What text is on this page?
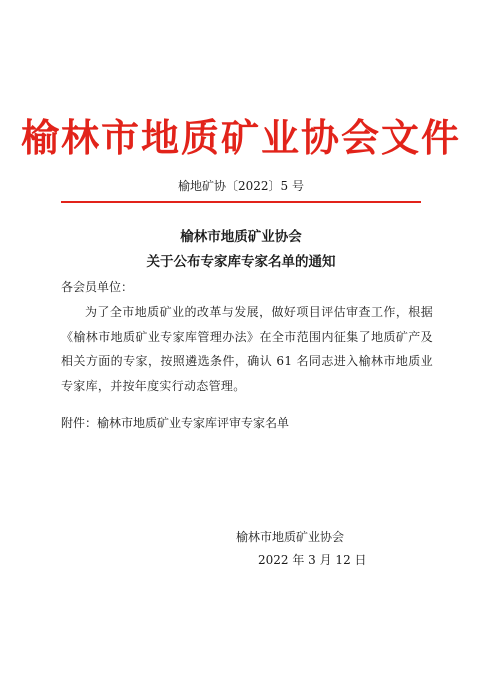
榆林市地质矿业协会文件
榆地矿协〔2022〕5 号
榆林市地质矿业协会
关于公布专家库专家名单的通知
各会员单位：
为了全市地质矿业的改革与发展，做好项目评估审查工作，根据《榆林市地质矿业专家库管理办法》在全市范围内征集了地质矿产及相关方面的专家，按照遴选条件，确认 61 名同志进入榆林市地质业专家库，并按年度实行动态管理。
附件：榆林市地质矿业专家库评审专家名单
榆林市地质矿业协会
2022 年 3 月 12 日
